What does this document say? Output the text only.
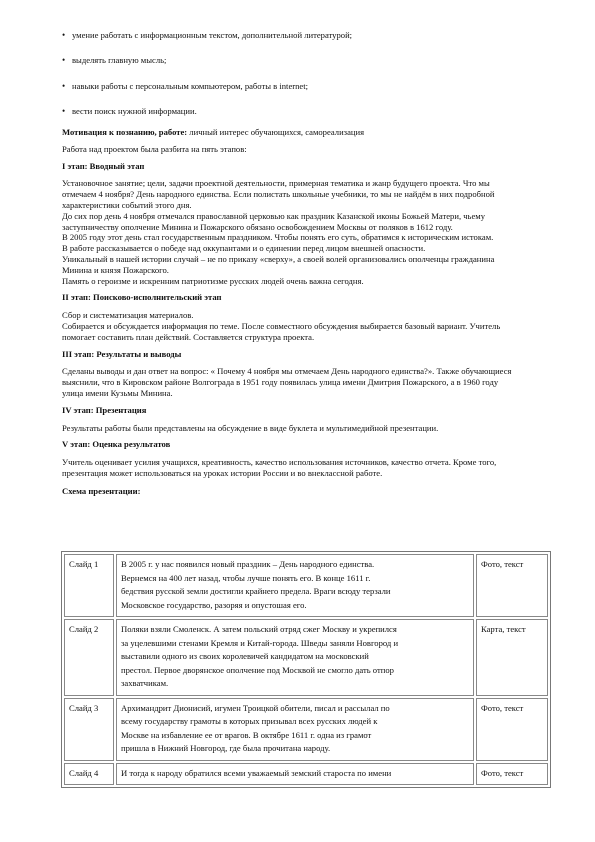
• умение работать с информационным текстом, дополнительной литературой;
• выделять главную мысль;
• навыки работы с персональным компьютером, работы в internet;
• вести поиск нужной информации.

Мотивация к познанию, работе: личный интерес обучающихся, самореализация

Работа над проектом была разбита на пять этапов:

I этап: Вводный этап

Установочное занятие; цели, задачи проектной деятельности, примерная тематика и жанр будущего проекта. Что мы

отмечаем 4 ноября? День народного единства. Если полистать школьные учебники, то мы не найдём в них подробной

характеристики событий этого дня.

До сих пор день 4 ноября отмечался православной церковью как праздник Казанской иконы Божьей Матери, чьему

заступничеству ополчение Минина и Пожарского обязано освобождением Москвы от поляков в 1612 году.

В 2005 году этот день стал государственным праздником. Чтобы понять его суть, обратимся к историческим истокам.

В работе рассказывается о победе над оккупантами и о единении перед лицом внешней опасности.

Уникальный в нашей истории случай – не по приказу «сверху», а своей волей организовались ополченцы гражданина

Минина и князя Пожарского.

Память о героизме и искренним патриотизме русских людей очень важна сегодня.

II этап: Поисково-исполнительский этап

Сбор и систематизация материалов.

Собирается и обсуждается информация по теме. После совместного обсуждения выбирается базовый вариант. Учитель

помогает составить план действий. Составляется структура проекта.

III этап: Результаты и выводы

Сделаны выводы и дан ответ на вопрос: « Почему 4 ноября мы отмечаем День народного единства?». Также обучающиеся

выяснили, что в Кировском районе Волгограда в 1951 году появилась улица имени Дмитрия Пожарского, а в 1960 году

улица имени Кузьмы Минина.

IV этап: Презентация

Результаты работы были представлены на обсуждение в виде буклета и мультимедийной презентации.

V этап: Оценка результатов

Учитель оценивает усилия учащихся, креативность, качество использования источников, качество отчета. Кроме того,

презентация может использоваться на уроках истории России и во внеклассной работе.

Схема презентации:

Слайд 1	В 2005 г. у нас появился новый праздник – День народного единства.
Вернемся на 400 лет назад, чтобы лучше понять его. В конце 1611 г.
бедствия русской земли достигли крайнего предела. Враги всюду терзали
Московское государство, разоряя и опустошая его.	Фото, текст
Слайд 2	Поляки взяли Смоленск. А затем польский отряд сжег Москву и укрепился
за уцелевшими стенами Кремля и Китай-города. Шведы заняли Новгород и
выставили одного из своих королевичей кандидатом на московский
престол. Первое дворянское ополчение под Москвой не смогло дать отпор
захватчикам.	Карта, текст
Слайд 3	Архимандрит Дионисий, игумен Троицкой обители, писал и рассылал по
всему государству грамоты в которых призывал всех русских людей к
Москве на избавление ее от врагов. В октябре 1611 г. одна из грамот
пришла в Нижний Новгород, где была прочитана народу.	Фото, текст
Слайд 4	И тогда к народу обратился всеми уважаемый земский староста по имени	Фото, текст
